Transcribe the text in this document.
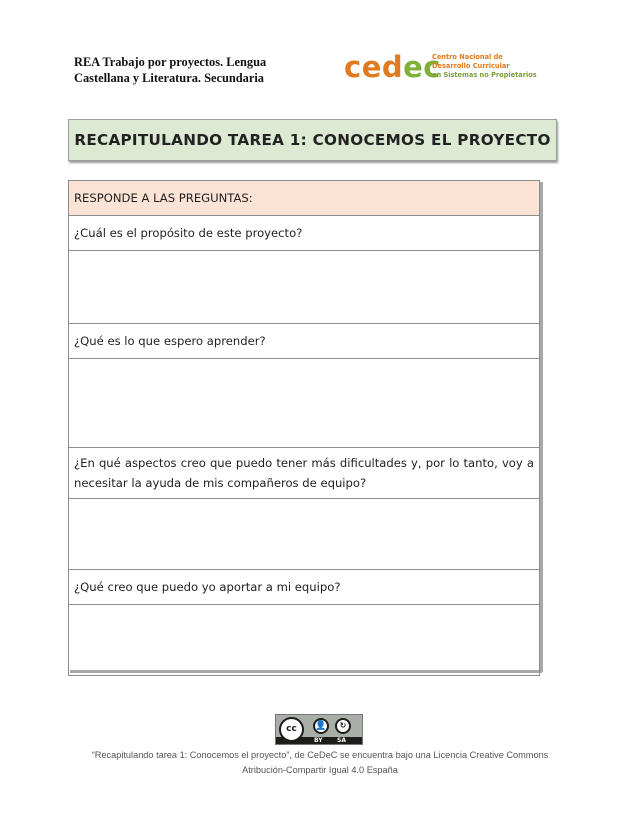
REA Trabajo por proyectos. Lengua
Castellana y Literatura. Secundaria	cedec
Centro Nacional de
Desarrollo Curricular
en Sistemas no Propietarios
RECAPITULANDO TAREA 1: CONOCEMOS EL PROYECTO
RESPONDE A LAS PREGUNTAS:
¿Cuál es el propósito de este proyecto?

¿Qué es lo que espero aprender?

¿En qué aspectos creo que puedo tener más dificultades y, por lo tanto, voy a necesitar la ayuda de mis compañeros de equipo?

¿Qué creo que puedo yo aportar a mi equipo?

cc	👤	↻
BY SA
“Recapitulando tarea 1: Conocemos el proyecto”, de CeDeC se encuentra bajo una Licencia Creative Commons
Atribución-Compartir Igual 4.0 España
